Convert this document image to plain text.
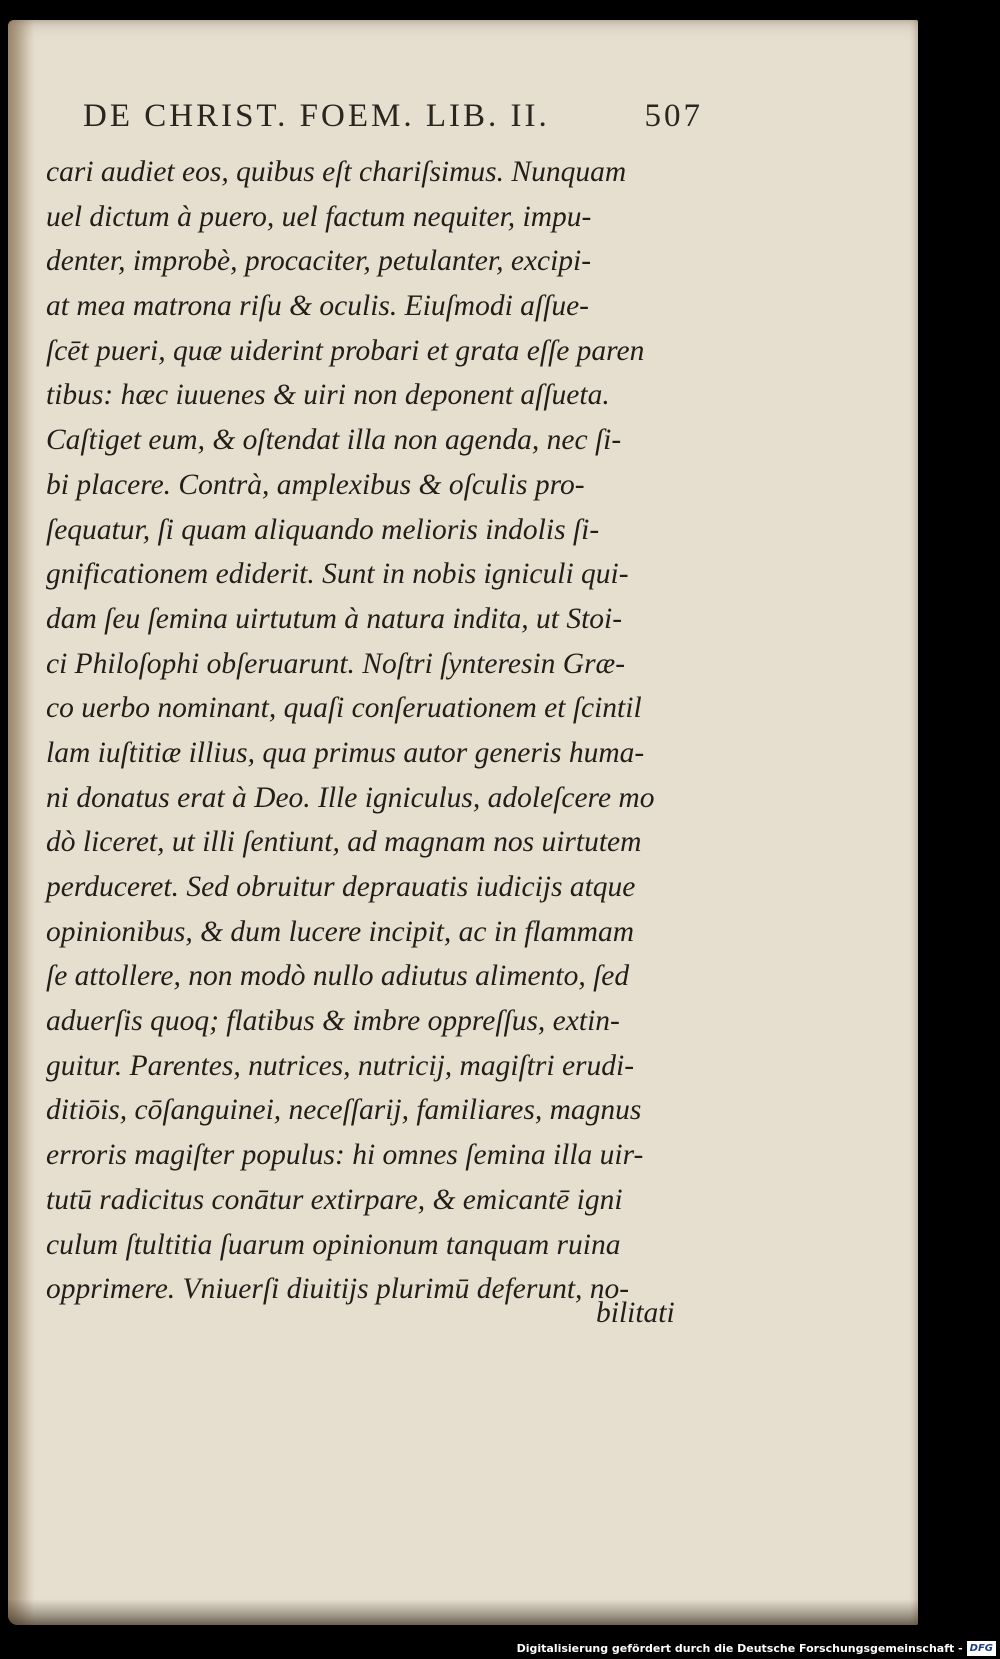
DE CHRIST. FOEM. LIB. II.	507
cari audiet eos, quibus eſt chariſsimus. Nunquam
uel dictum à puero, uel factum nequiter, impu-
denter, improbè, procaciter, petulanter, excipi-
at mea matrona riſu & oculis. Eiuſmodi aſſue-
ſcēt pueri, quæ uiderint probari et grata eſſe paren
tibus: hæc iuuenes & uiri non deponent aſſueta.
Caſtiget eum, & oſtendat illa non agenda, nec ſi-
bi placere. Contrà, amplexibus & oſculis pro-
ſequatur, ſi quam aliquando melioris indolis ſi-
gnificationem ediderit. Sunt in nobis igniculi qui-
dam ſeu ſemina uirtutum à natura indita, ut Stoi-
ci Philoſophi obſeruarunt. Noſtri ſynteresin Græ-
co uerbo nominant, quaſi conſeruationem et ſcintil
lam iuſtitiæ illius, qua primus autor generis huma-
ni donatus erat à Deo. Ille igniculus, adoleſcere mo
dò liceret, ut illi ſentiunt, ad magnam nos uirtutem
perduceret. Sed obruitur deprauatis iudicijs atque
opinionibus, & dum lucere incipit, ac in flammam
ſe attollere, non modò nullo adiutus alimento, ſed
aduerſis quoq; flatibus & imbre oppreſſus, extin-
guitur. Parentes, nutrices, nutricij, magiſtri erudi-
ditiōis, cōſanguinei, neceſſarij, familiares, magnus
erroris magiſter populus: hi omnes ſemina illa uir-
tutū radicitus conātur extirpare, & emicantē igni
culum ſtultitia ſuarum opinionum tanquam ruina
opprimere. Vniuerſi diuitijs plurimū deferunt, no-
bilitati
Digitalisierung gefördert durch die Deutsche Forschungsgemeinschaft - DFG
